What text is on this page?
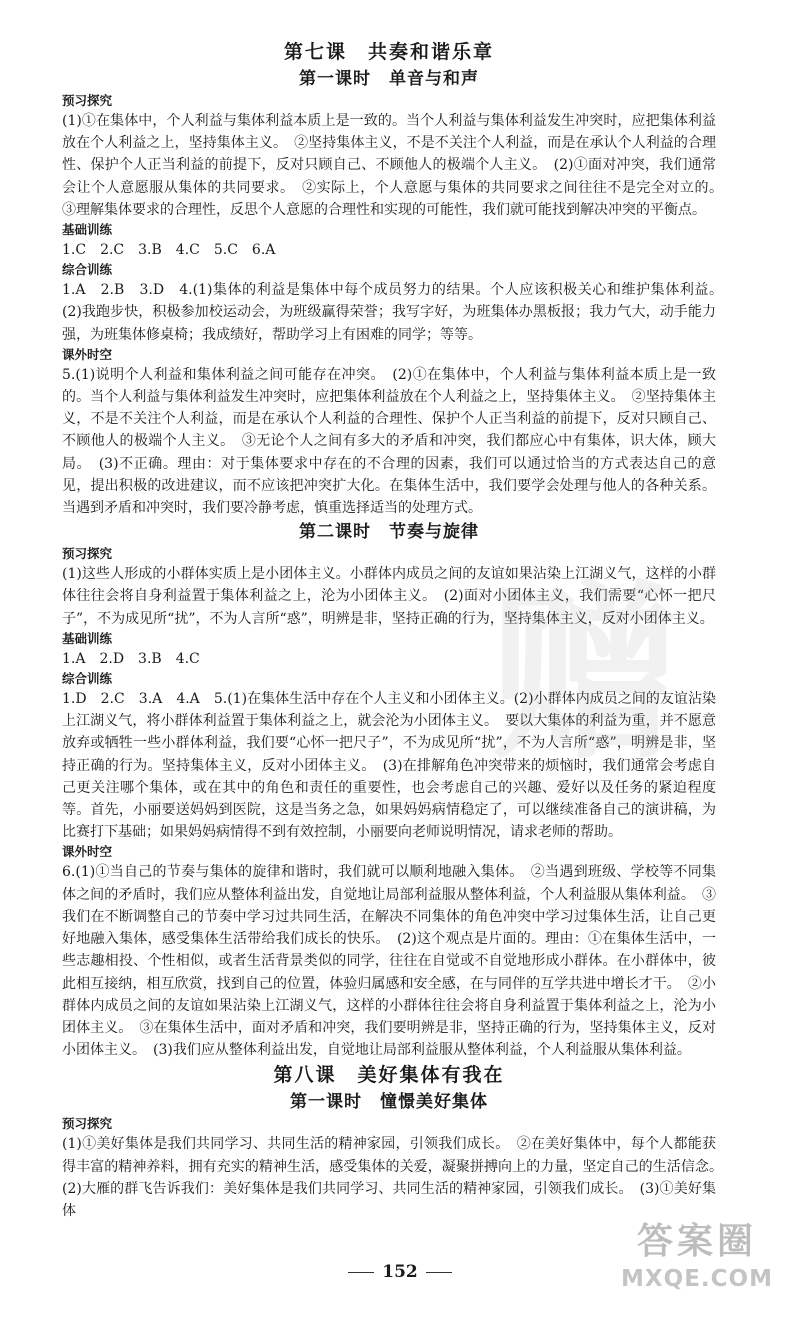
第七课　共奏和谐乐章
第一课时　单音与和声
预习探究
(1)①在集体中，个人利益与集体利益本质上是一致的。当个人利益与集体利益发生冲突时，应把集体利益放在个人利益之上，坚持集体主义。　②坚持集体主义，不是不关注个人利益，而是在承认个人利益的合理性、保护个人正当利益的前提下，反对只顾自己、不顾他人的极端个人主义。　(2)①面对冲突，我们通常会让个人意愿服从集体的共同要求。　②实际上，个人意愿与集体的共同要求之间往往不是完全对立的。　③理解集体要求的合理性，反思个人意愿的合理性和实现的可能性，我们就可能找到解决冲突的平衡点。
基础训练
1.C　2.C　3.B　4.C　5.C　6.A
综合训练
1.A　2.B　3.D　4.(1)集体的利益是集体中每个成员努力的结果。个人应该积极关心和维护集体利益。　(2)我跑步快，积极参加校运动会，为班级赢得荣誉；我写字好，为班集体办黑板报；我力气大，动手能力强，为班集体修桌椅；我成绩好，帮助学习上有困难的同学；等等。
课外时空
5.(1)说明个人利益和集体利益之间可能存在冲突。　(2)①在集体中，个人利益与集体利益本质上是一致的。当个人利益与集体利益发生冲突时，应把集体利益放在个人利益之上，坚持集体主义。　②坚持集体主义，不是不关注个人利益，而是在承认个人利益的合理性、保护个人正当利益的前提下，反对只顾自己、不顾他人的极端个人主义。　③无论个人之间有多大的矛盾和冲突，我们都应心中有集体，识大体，顾大局。　(3)不正确。理由：对于集体要求中存在的不合理的因素，我们可以通过恰当的方式表达自己的意见，提出积极的改进建议，而不应该把冲突扩大化。在集体生活中，我们要学会处理与他人的各种关系。当遇到矛盾和冲突时，我们要冷静考虑，慎重选择适当的处理方式。
第二课时　节奏与旋律
预习探究
(1)这些人形成的小群体实质上是小团体主义。小群体内成员之间的友谊如果沾染上江湖义气，这样的小群体往往会将自身利益置于集体利益之上，沦为小团体主义。　(2)面对小团体主义，我们需要“心怀一把尺子”，不为成见所“扰”，不为人言所“惑”，明辨是非，坚持正确的行为，坚持集体主义，反对小团体主义。
基础训练
1.A　2.D　3.B　4.C
综合训练
1.D　2.C　3.A　4.A　5.(1)在集体生活中存在个人主义和小团体主义。(2)小群体内成员之间的友谊沾染上江湖义气，将小群体利益置于集体利益之上，就会沦为小团体主义。　要以大集体的利益为重，并不愿意放弃或牺牲一些小群体利益，我们要“心怀一把尺子”，不为成见所“扰”，不为人言所“惑”，明辨是非，坚持正确的行为。坚持集体主义，反对小团体主义。　(3)在排解角色冲突带来的烦恼时，我们通常会考虑自己更关注哪个集体，或在其中的角色和责任的重要性，也会考虑自己的兴趣、爱好以及任务的紧迫程度等。首先，小丽要送妈妈到医院，这是当务之急，如果妈妈病情稳定了，可以继续准备自己的演讲稿，为比赛打下基础；如果妈妈病情得不到有效控制，小丽要向老师说明情况，请求老师的帮助。
课外时空
6.(1)①当自己的节奏与集体的旋律和谐时，我们就可以顺利地融入集体。　②当遇到班级、学校等不同集体之间的矛盾时，我们应从整体利益出发，自觉地让局部利益服从整体利益，个人利益服从集体利益。　③我们在不断调整自己的节奏中学习过共同生活，在解决不同集体的角色冲突中学习过集体生活，让自己更好地融入集体，感受集体生活带给我们成长的快乐。　(2)这个观点是片面的。理由：①在集体生活中，一些志趣相投、个性相似，或者生活背景类似的同学，往往在自觉或不自觉地形成小群体。在小群体中，彼此相互接纳，相互欣赏，找到自己的位置，体验归属感和安全感，在与同伴的互学共进中增长才干。　②小群体内成员之间的友谊如果沾染上江湖义气，这样的小群体往往会将自身利益置于集体利益之上，沦为小团体主义。　③在集体生活中，面对矛盾和冲突，我们要明辨是非，坚持正确的行为，坚持集体主义，反对小团体主义。　(3)我们应从整体利益出发，自觉地让局部利益服从整体利益，个人利益服从集体利益。
第八课　美好集体有我在
第一课时　憧憬美好集体
预习探究
(1)①美好集体是我们共同学习、共同生活的精神家园，引领我们成长。　②在美好集体中，每个人都能获得丰富的精神养料，拥有充实的精神生活，感受集体的关爱，凝聚拼搏向上的力量，坚定自己的生活信念。　(2)大雁的群飞告诉我们：美好集体是我们共同学习、共同生活的精神家园，引领我们成长。　(3)①美好集体
赠
152
答案圈
MXQE.COM
